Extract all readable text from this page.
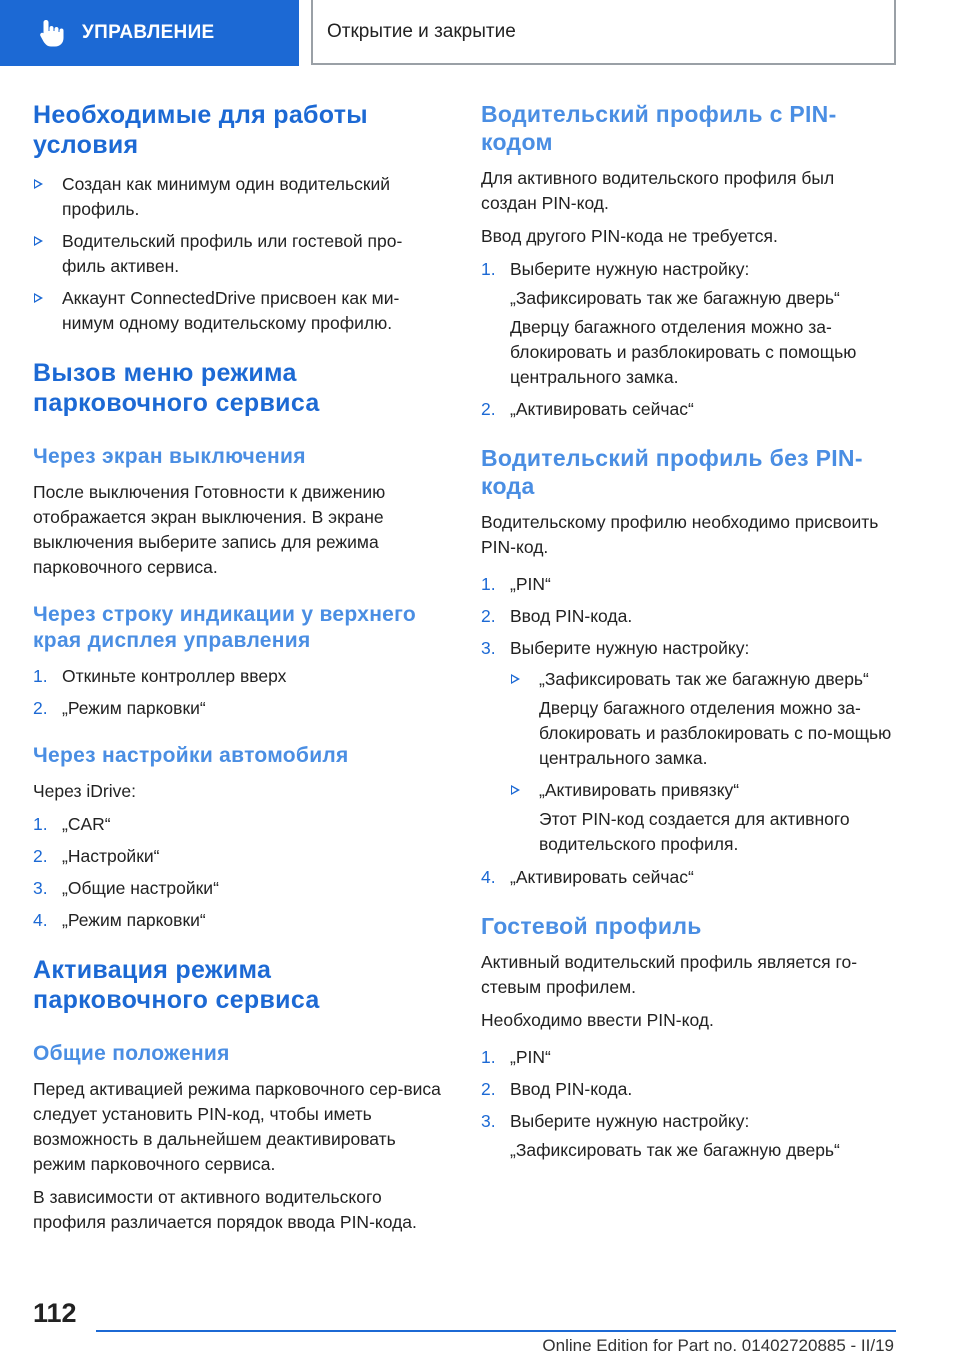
УПРАВЛЕНИЕ	Открытие и закрытие
Необходимые для работы условия
Создан как минимум один водительский профиль.
Водительский профиль или гостевой про-филь активен.
Аккаунт ConnectedDrive присвоен как ми-нимум одному водительскому профилю.
Вызов меню режима парковочного сервиса
Через экран выключения

После выключения Готовности к движению отображается экран выключения. В экране выключения выберите запись для режима парковочного сервиса.

Через строку индикации у верхнего края дисплея управления
1. Откиньте контроллер вверх
2. „Режим парковки“
Через настройки автомобиля

Через iDrive:

1. „CAR“
2. „Настройки“
3. „Общие настройки“
4. „Режим парковки“
Активация режима парковочного сервиса
Общие положения

Перед активацией режима парковочного сер-виса следует установить PIN-код, чтобы иметь возможность в дальнейшем деактивировать режим парковочного сервиса.

В зависимости от активного водительского профиля различается порядок ввода PIN-кода.

Водительский профиль с PIN-кодом

Для активного водительского профиля был создан PIN-код.

Ввод другого PIN-кода не требуется.

1. Выберите нужную настройку:

„Зафиксировать так же багажную дверь“

Дверцу багажного отделения можно за-блокировать и разблокировать с помощью центрального замка.

2. „Активировать сейчас“
Водительский профиль без PIN-кода

Водительскому профилю необходимо присвоить PIN-код.

1. „PIN“
2. Ввод PIN-кода.
3. Выберите нужную настройку:
„Зафиксировать так же багажную дверь“

Дверцу багажного отделения можно за-блокировать и разблокировать с по-мощью центрального замка.

„Активировать привязку“

Этот PIN-код создается для активного водительского профиля.

4. „Активировать сейчас“
Гостевой профиль

Активный водительский профиль является го-стевым профилем.

Необходимо ввести PIN-код.

1. „PIN“
2. Ввод PIN-кода.
3. Выберите нужную настройку:

„Зафиксировать так же багажную дверь“

112
Online Edition for Part no. 01402720885 - II/19
